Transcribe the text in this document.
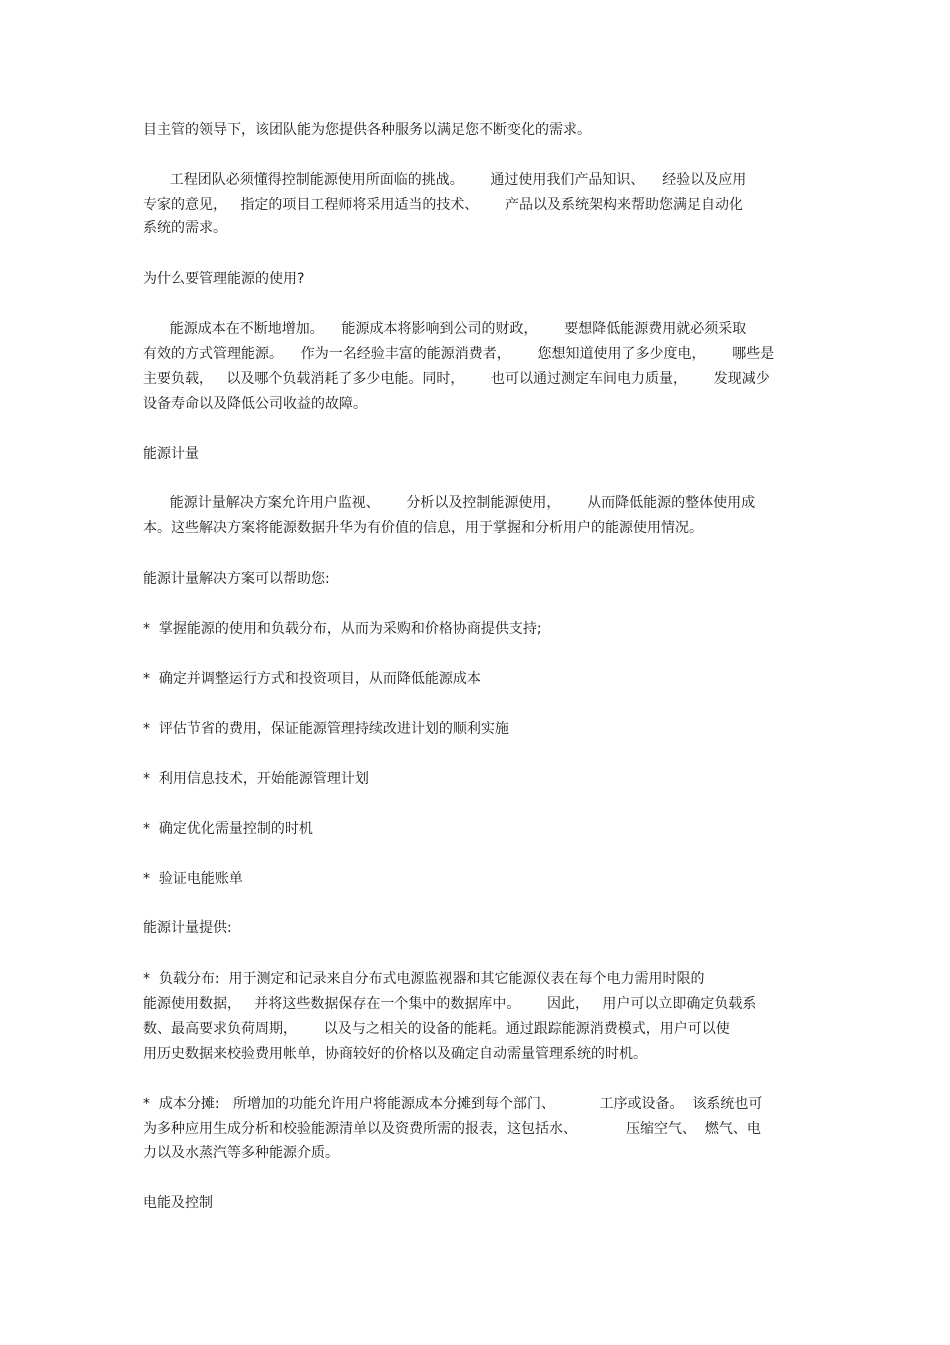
目主管的领导下，该团队能为您提供各种服务以满足您不断变化的需求。
工程团队必须懂得控制能源使用所面临的挑战。      通过使用我们产品知识、    经验以及应用
专家的意见，   指定的项目工程师将采用适当的技术、      产品以及系统架构来帮助您满足自动化
系统的需求。
为什么要管理能源的使用?
能源成本在不断地增加。    能源成本将影响到公司的财政，      要想降低能源费用就必须采取
有效的方式管理能源。    作为一名经验丰富的能源消费者，      您想知道使用了多少度电，      哪些是
主要负载，   以及哪个负载消耗了多少电能。同时，      也可以通过测定车间电力质量，      发现减少
设备寿命以及降低公司收益的故障。
能源计量
能源计量解决方案允许用户监视、      分析以及控制能源使用，      从而降低能源的整体使用成
本。这些解决方案将能源数据升华为有价值的信息，用于掌握和分析用户的能源使用情况。
能源计量解决方案可以帮助您:
*  掌握能源的使用和负载分布，从而为采购和价格协商提供支持;
*  确定并调整运行方式和投资项目，从而降低能源成本
*  评估节省的费用，保证能源管理持续改进计划的顺利实施
*  利用信息技术，开始能源管理计划
*  确定优化需量控制的时机
*  验证电能账单
能源计量提供:
*  负载分布:  用于测定和记录来自分布式电源监视器和其它能源仪表在每个电力需用时限的
能源使用数据，   并将这些数据保存在一个集中的数据库中。      因此，   用户可以立即确定负载系
数、最高要求负荷周期，      以及与之相关的设备的能耗。通过跟踪能源消费模式，用户可以使
用历史数据来校验费用帐单，协商较好的价格以及确定自动需量管理系统的时机。
*  成本分摊:   所增加的功能允许用户将能源成本分摊到每个部门、          工序或设备。  该系统也可
为多种应用生成分析和校验能源清单以及资费所需的报表，这包括水、           压缩空气、  燃气、电
力以及水蒸汽等多种能源介质。
电能及控制
